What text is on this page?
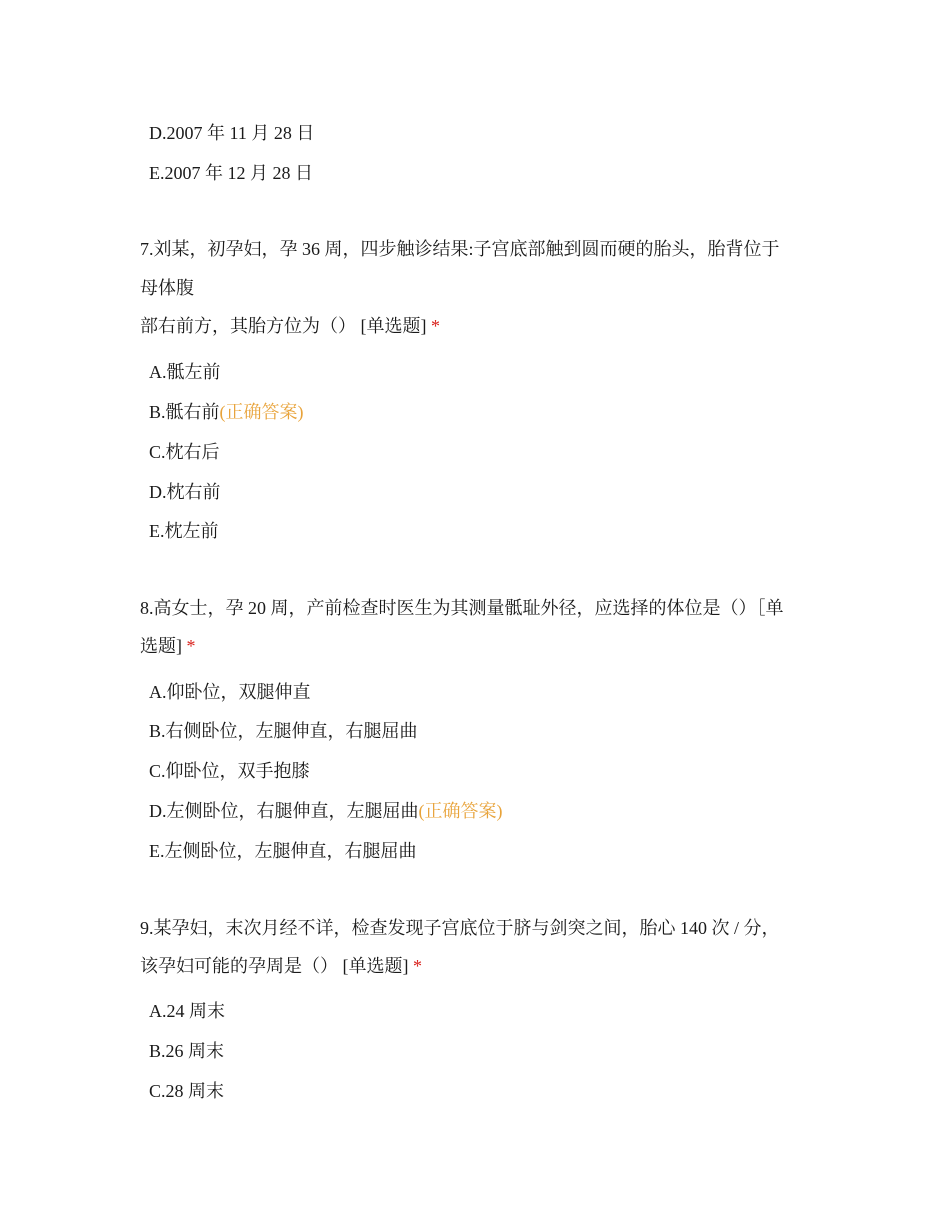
D.2007 年 11 月 28 日
E.2007 年 12 月 28 日
7.刘某，初孕妇，孕 36 周，四步触诊结果:子宫底部触到圆而硬的胎头，胎背位于
母体腹
部右前方，其胎方位为（） [单选题] *
A.骶左前
B.骶右前(正确答案)
C.枕右后
D.枕右前
E.枕左前
8.高女士，孕 20 周，产前检查时医生为其测量骶耻外径，应选择的体位是（）［单
选题] *
A.仰卧位，双腿伸直
B.右侧卧位，左腿伸直，右腿屈曲
C.仰卧位，双手抱膝
D.左侧卧位，右腿伸直，左腿屈曲(正确答案)
E.左侧卧位，左腿伸直，右腿屈曲
9.某孕妇，末次月经不详，检查发现子宫底位于脐与剑突之间，胎心 140 次 / 分，
该孕妇可能的孕周是（） [单选题] *
A.24 周末
B.26 周末
C.28 周末
